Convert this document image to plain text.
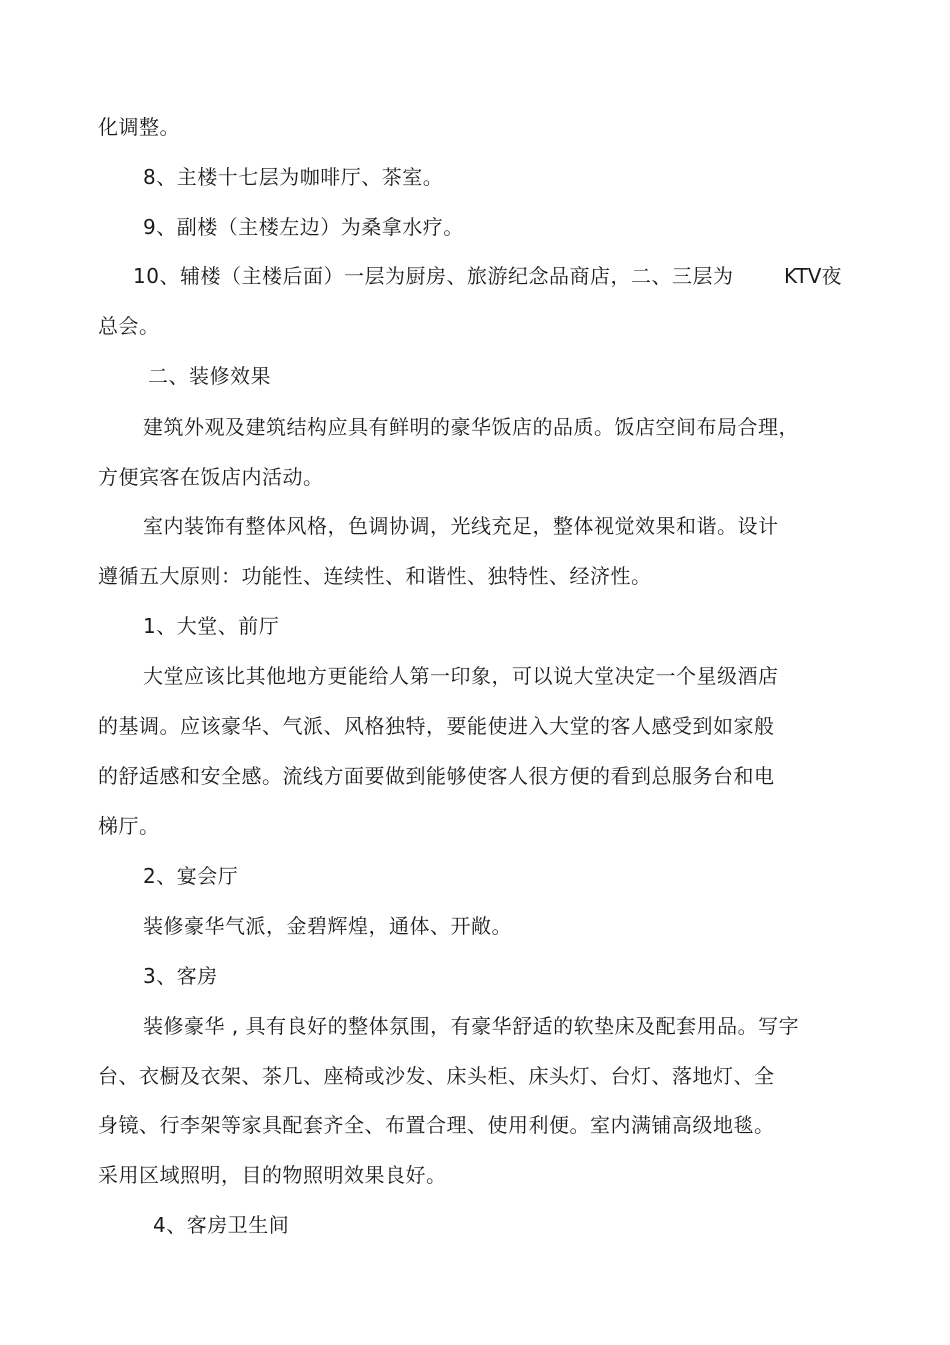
化调整。
8、主楼十七层为咖啡厅、茶室。
9、副楼（主楼左边）为桑拿水疗。
10、辅楼（主楼后面）一层为厨房、旅游纪念品商店，二、三层为	KTV夜
总会。
二、装修效果
建筑外观及建筑结构应具有鲜明的豪华饭店的品质。饭店空间布局合理，
方便宾客在饭店内活动。
室内装饰有整体风格，色调协调，光线充足，整体视觉效果和谐。设计
遵循五大原则：功能性、连续性、和谐性、独特性、经济性。
1、大堂、前厅
大堂应该比其他地方更能给人第一印象，可以说大堂决定一个星级酒店
的基调。应该豪华、气派、风格独特，要能使进入大堂的客人感受到如家般
的舒适感和安全感。流线方面要做到能够使客人很方便的看到总服务台和电
梯厅。
2、宴会厅
装修豪华气派，金碧辉煌，通体、开敞。
3、客房
装修豪华 , 具有良好的整体氛围，有豪华舒适的软垫床及配套用品。写字
台、衣橱及衣架、茶几、座椅或沙发、床头柜、床头灯、台灯、落地灯、全
身镜、行李架等家具配套齐全、布置合理、使用利便。室内满铺高级地毯。
采用区域照明，目的物照明效果良好。
4、客房卫生间
